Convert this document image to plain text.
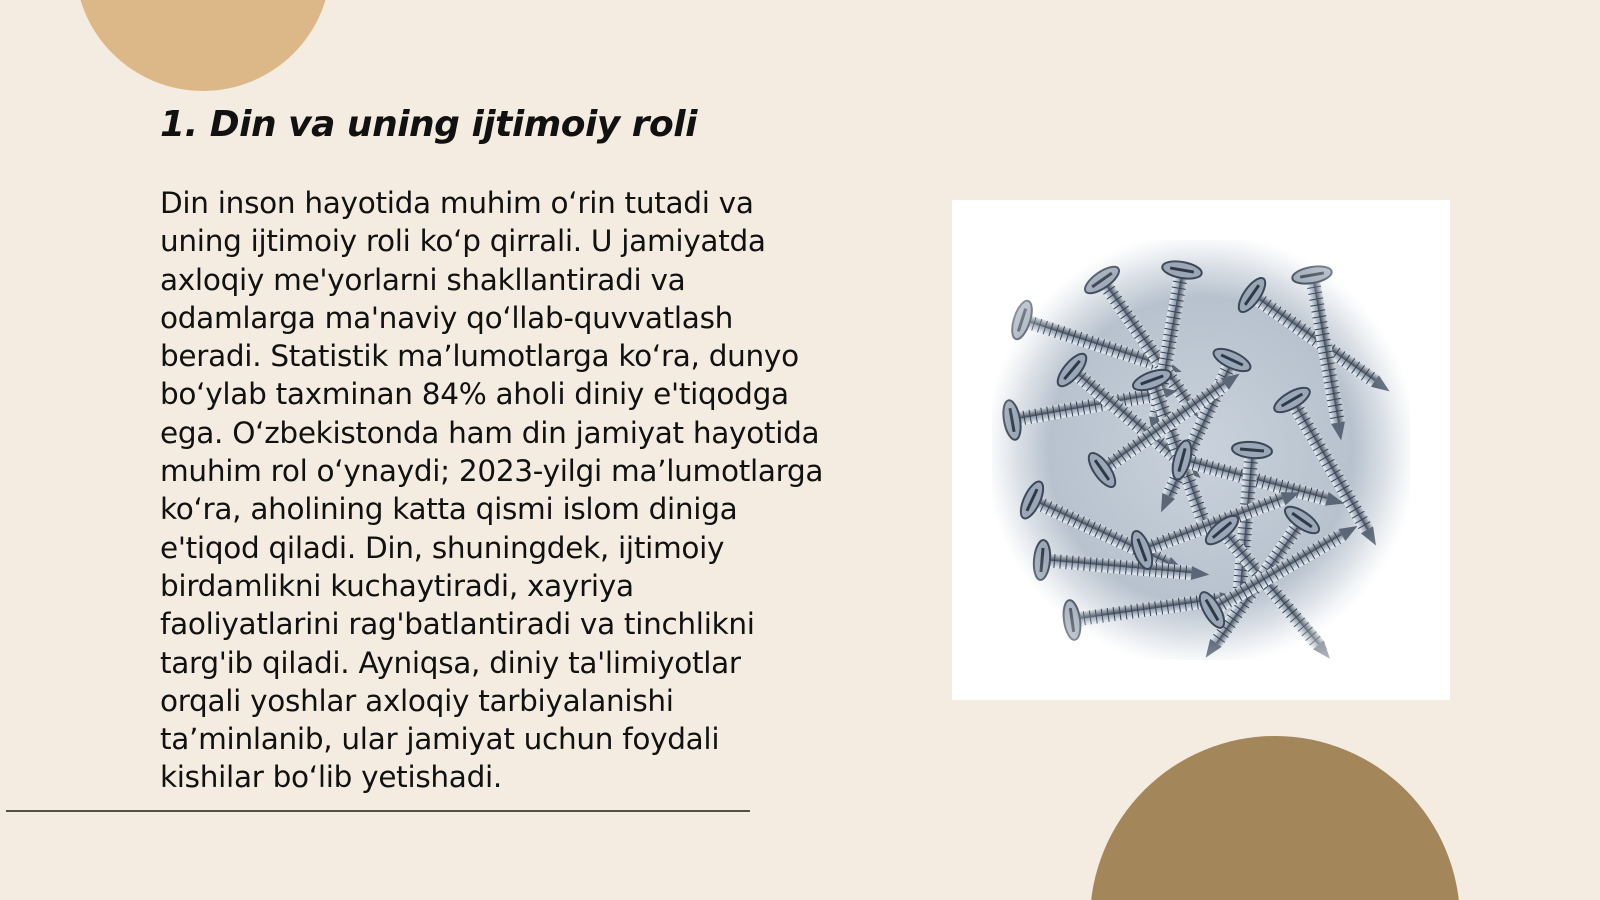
1. Din va uning ijtimoiy roli

Din inson hayotida muhim o‘rin tutadi va
uning ijtimoiy roli ko‘p qirrali. U jamiyatda
axloqiy me'yorlarni shakllantiradi va
odamlarga ma'naviy qo‘llab-quvvatlash
beradi. Statistik ma’lumotlarga ko‘ra, dunyo
bo‘ylab taxminan 84% aholi diniy e'tiqodga
ega. O‘zbekistonda ham din jamiyat hayotida
muhim rol o‘ynaydi; 2023-yilgi ma’lumotlarga
ko‘ra, aholining katta qismi islom diniga
e'tiqod qiladi. Din, shuningdek, ijtimoiy
birdamlikni kuchaytiradi, xayriya
faoliyatlarini rag'batlantiradi va tinchlikni
targ'ib qiladi. Ayniqsa, diniy ta'limiyotlar
orqali yoshlar axloqiy tarbiyalanishi
ta’minlanib, ular jamiyat uchun foydali
kishilar bo‘lib yetishadi.
